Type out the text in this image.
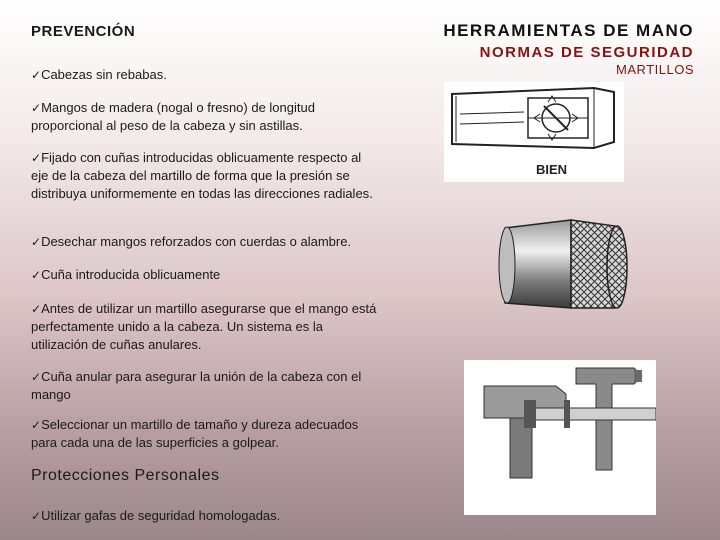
PREVENCIÓN	HERRAMIENTAS DE MANO
NORMAS DE SEGURIDAD
MARTILLOS
✓Cabezas sin rebabas.
✓Mangos de madera (nogal o fresno) de longitud proporcional al peso de la cabeza y sin astillas.
✓Fijado con cuñas introducidas oblicuamente respecto al eje de la cabeza del martillo de forma que la presión se distribuya uniformemente en todas las direcciones radiales.
✓Desechar mangos reforzados con cuerdas o alambre.
✓Cuña introducida oblicuamente
✓Antes de utilizar un martillo asegurarse que el mango está perfectamente unido a la cabeza. Un sistema es la utilización de cuñas anulares.
✓Cuña anular para asegurar la unión de la cabeza con el mango
✓Seleccionar un martillo de tamaño y dureza adecuados para cada una de las superficies a golpear.
Protecciones Personales
✓Utilizar gafas de seguridad homologadas.
BIEN
